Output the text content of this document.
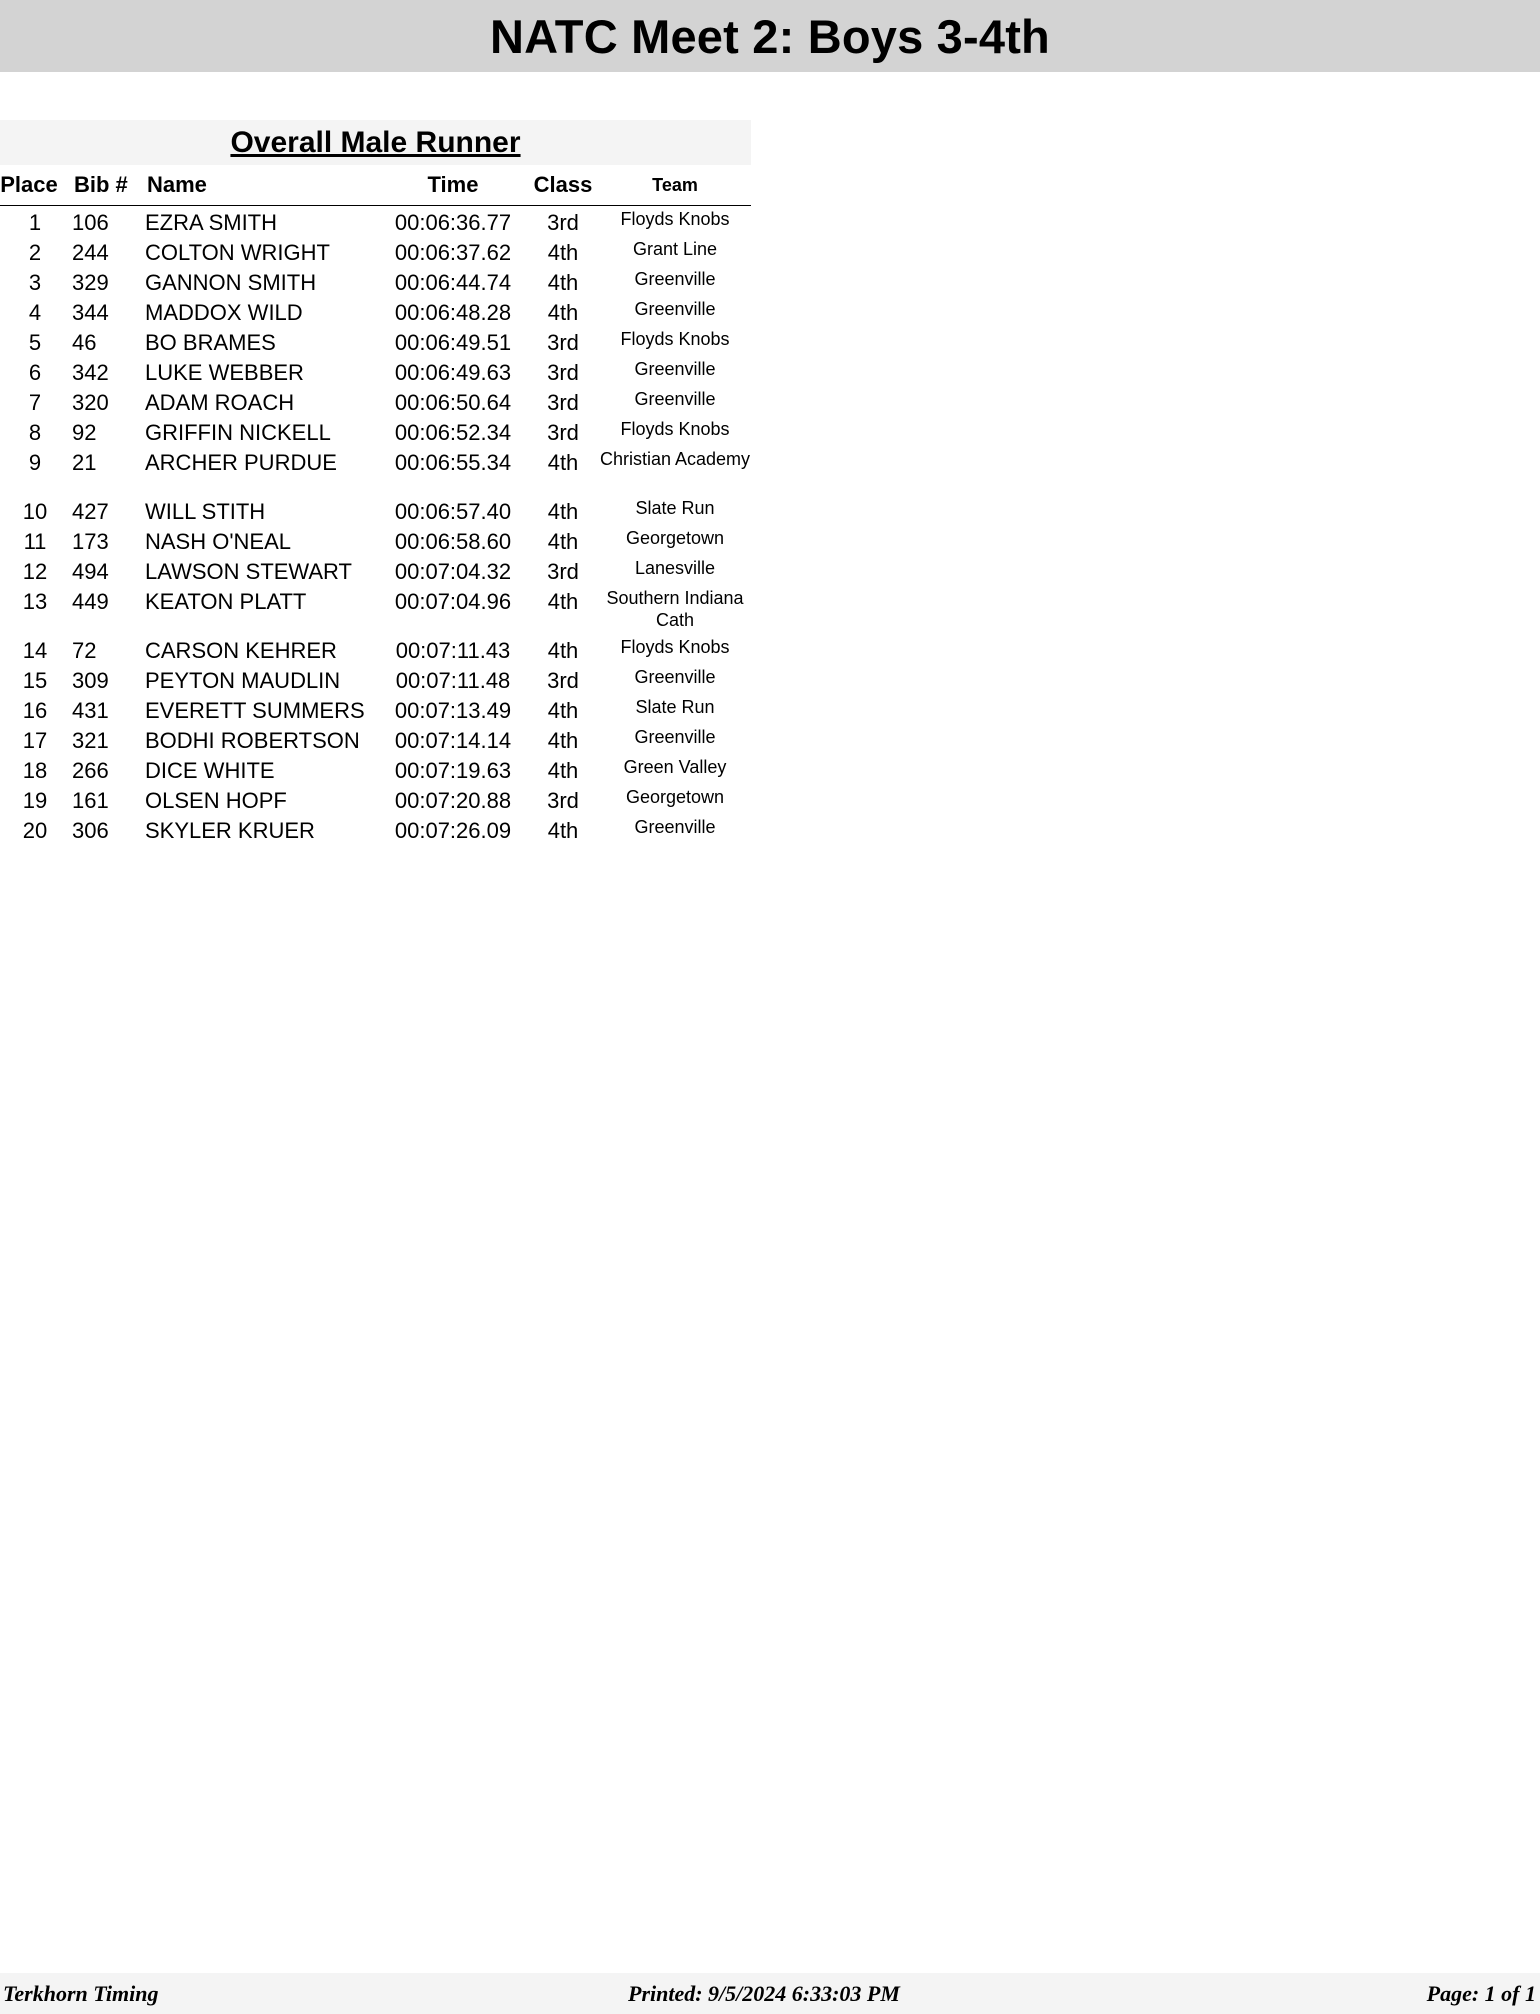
NATC Meet 2: Boys 3-4th
Overall Male Runner
Place Bib # Name	Time	Class	Team
1	106 EZRA SMITH	00:06:36.77	3rd	Floyds Knobs
2	244 COLTON WRIGHT	00:06:37.62	4th	Grant Line
3	329 GANNON SMITH	00:06:44.74	4th	Greenville
4	344 MADDOX WILD	00:06:48.28	4th	Greenville
5	46 BO BRAMES	00:06:49.51	3rd	Floyds Knobs
6	342 LUKE WEBBER	00:06:49.63	3rd	Greenville
7	320 ADAM ROACH	00:06:50.64	3rd	Greenville
8	92 GRIFFIN NICKELL	00:06:52.34	3rd	Floyds Knobs
9	21 ARCHER PURDUE	00:06:55.34	4th	Christian Academy
10	427 WILL STITH	00:06:57.40	4th	Slate Run
11	173 NASH O'NEAL	00:06:58.60	4th	Georgetown
12	494 LAWSON STEWART 00:07:04.32	3rd	Lanesville
13	449 KEATON PLATT	00:07:04.96	4th	Southern Indiana Cath
14	72 CARSON KEHRER	00:07:11.43	4th	Floyds Knobs
15	309 PEYTON MAUDLIN	00:07:11.48	3rd	Greenville
16	431 EVERETT SUMMERS 00:07:13.49	4th	Slate Run
17	321 BODHI ROBERTSON 00:07:14.14	4th	Greenville
18	266 DICE WHITE	00:07:19.63	4th	Green Valley
19	161 OLSEN HOPF	00:07:20.88	3rd	Georgetown
20	306 SKYLER KRUER	00:07:26.09	4th	Greenville
Terkhorn Timing	Printed: 9/5/2024 6:33:03 PM	Page: 1 of 1
